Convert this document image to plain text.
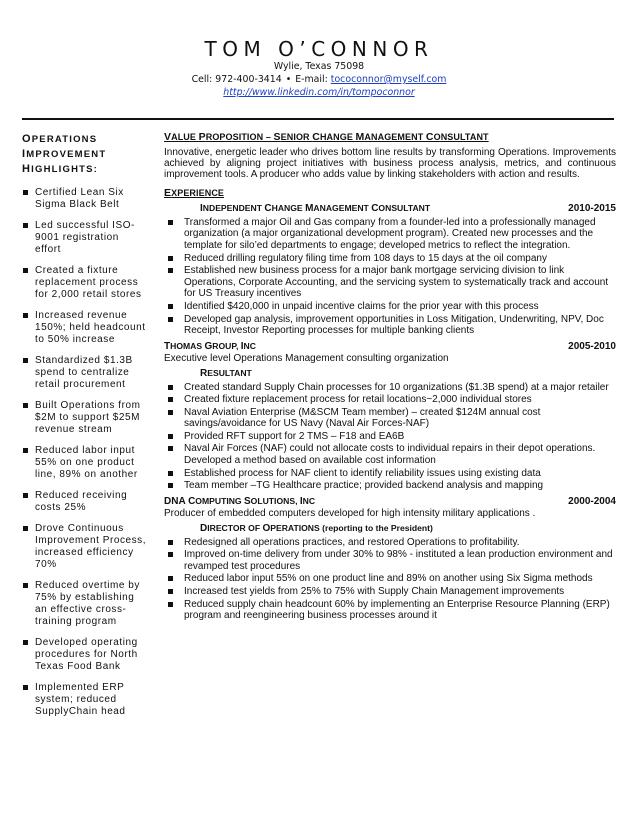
TOM O’CONNOR
Wylie, Texas 75098
Cell: 972-400-3414 • E-mail: tococonnor@myself.com
http://www.linkedin.com/in/tompoconnor
OPERATIONS
IMPROVEMENT
HIGHLIGHTS:
Certified Lean Six Sigma Black Belt
Led successful ISO-9001 registration effort
Created a fixture replacement process for 2,000 retail stores
Increased revenue 150%; held headcount to 50% increase
Standardized $1.3B spend to centralize retail procurement
Built Operations from $2M to support $25M revenue stream
Reduced labor input 55% on one product line, 89% on another
Reduced receiving costs 25%
Drove Continuous Improvement Process, increased efficiency 70%
Reduced overtime by 75% by establishing an effective cross-training program
Developed operating procedures for North Texas Food Bank
Implemented ERP system; reduced SupplyChain head
VALUE PROPOSITION – SENIOR CHANGE MANAGEMENT CONSULTANT
Innovative, energetic leader who drives bottom line results by transforming Operations. Improvements achieved by aligning project initiatives with business process analysis, metrics, and continuous improvement tools. A producer who adds value by linking stakeholders with action and results.
EXPERIENCE
INDEPENDENT CHANGE MANAGEMENT CONSULTANT	2010-2015
Transformed a major Oil and Gas company from a founder-led into a professionally managed organization (a major organizational development program). Created new processes and the template for silo’ed departments to engage; developed metrics to reflect the integration.
Reduced drilling regulatory filing time from 108 days to 15 days at the oil company
Established new business process for a major bank mortgage servicing division to link Operations, Corporate Accounting, and the servicing system to systematically track and account for US Treasury incentives
Identified $420,000 in unpaid incentive claims for the prior year with this process
Developed gap analysis, improvement opportunities in Loss Mitigation, Underwriting, NPV, Doc Receipt, Investor Reporting processes for multiple banking clients
THOMAS GROUP, INC	2005-2010
Executive level Operations Management consulting organization
RESULTANT
Created standard Supply Chain processes for 10 organizations ($1.3B spend) at a major retailer
Created fixture replacement process for retail locations~2,000 individual stores
Naval Aviation Enterprise (M&SCM Team member) – created $124M annual cost savings/avoidance for US Navy (Naval Air Forces-NAF)
Provided RFT support for 2 TMS – F18 and EA6B
Naval Air Forces (NAF) could not allocate costs to individual repairs in their depot operations. Developed a method based on available cost information
Established process for NAF client to identify reliability issues using existing data
Team member –TG Healthcare practice; provided backend analysis and mapping
DNA COMPUTING SOLUTIONS, INC	2000-2004
Producer of embedded computers developed for high intensity military applications .
DIRECTOR OF OPERATIONS (reporting to the President)
Redesigned all operations practices, and restored Operations to profitability.
Improved on-time delivery from under 30% to 98% - instituted a lean production environment and revamped test procedures
Reduced labor input 55% on one product line and 89% on another using Six Sigma methods
Increased test yields from 25% to 75% with Supply Chain Management improvements
Reduced supply chain headcount 60% by implementing an Enterprise Resource Planning (ERP) program and reengineering business processes around it
